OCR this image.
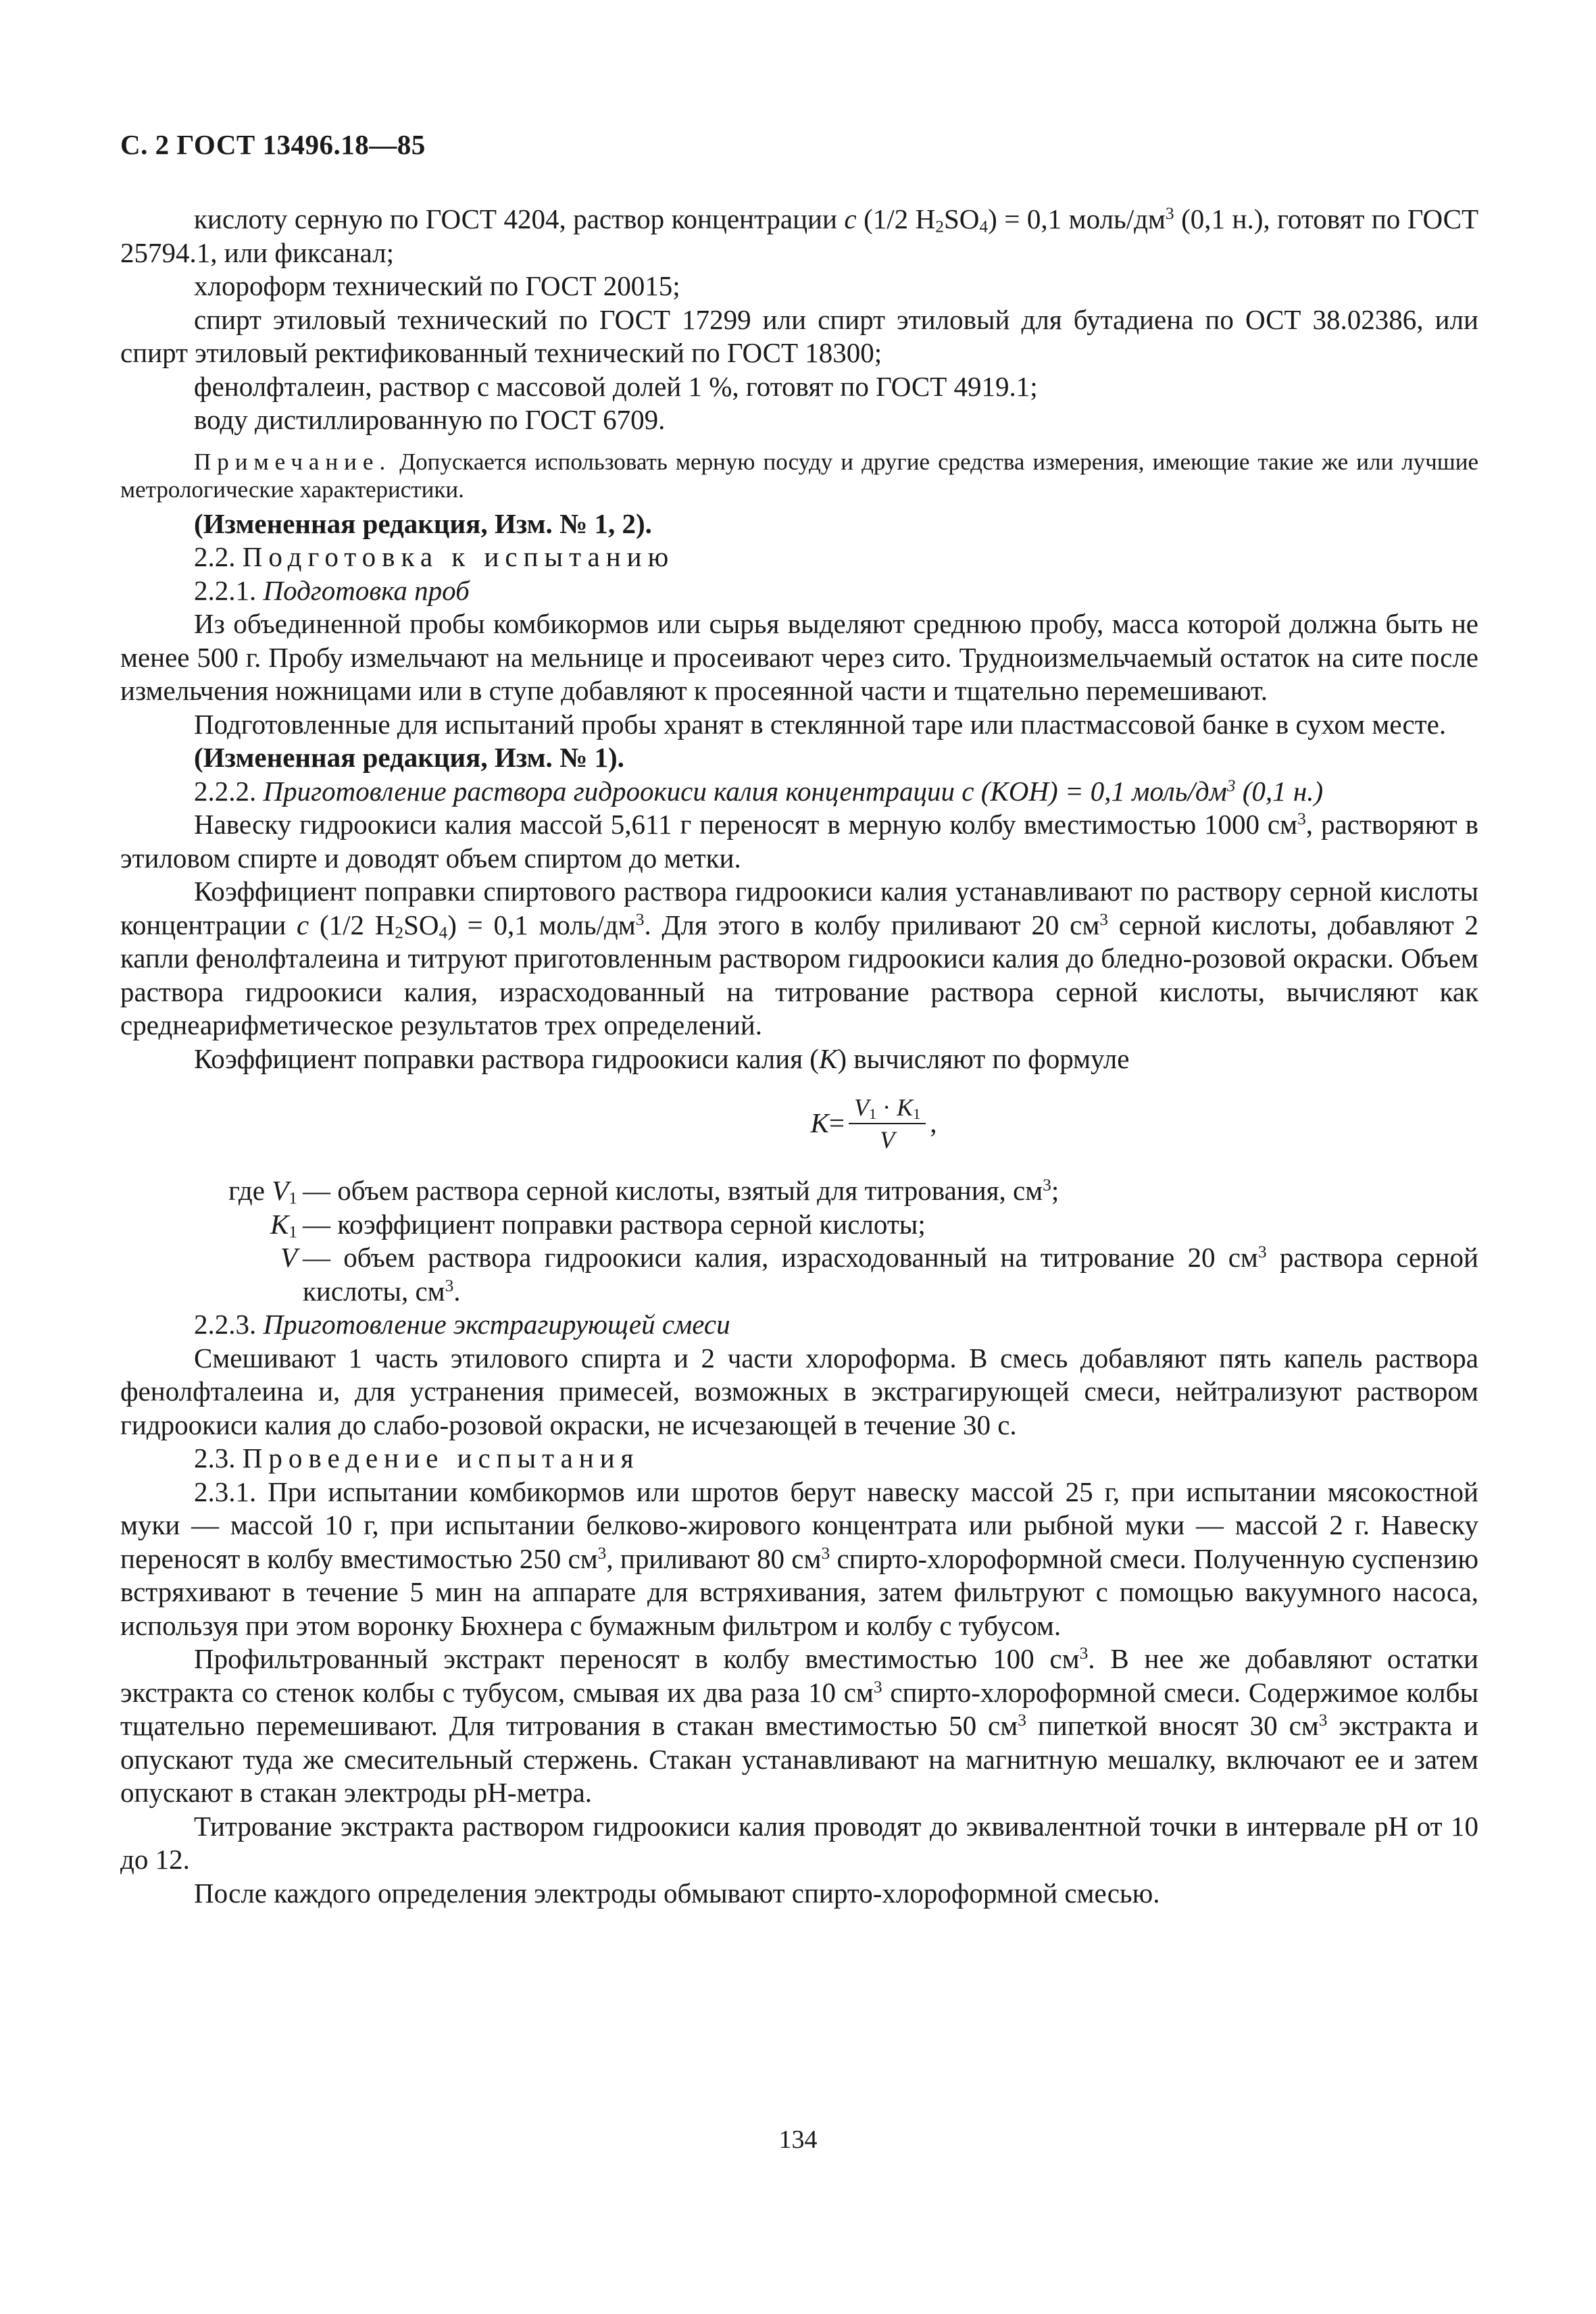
С. 2 ГОСТ 13496.18—85

кислоту серную по ГОСТ 4204, раствор концентрации c (1/2 $H_2SO_4) = 0,1$ моль/$дм^3$ (0,1 н.), готовят по ГОСТ 25794.1, или фиксанал;

хлороформ технический по ГОСТ 20015;

спирт этиловый технический по ГОСТ 17299 или спирт этиловый для бутадиена по ОСТ 38.02386, или спирт этиловый ректификованный технический по ГОСТ 18300;

фенолфталеин, раствор с массовой долей 1 %, готовят по ГОСТ 4919.1;

воду дистиллированную по ГОСТ 6709.

Примечание. Допускается использовать мерную посуду и другие средства измерения, имеющие такие же или лучшие метрологические характеристики.

(Измененная редакция, Изм. № 1, 2).

2.2. Подготовка к испытанию

2.2.1. Подготовка проб

Из объединенной пробы комбикормов или сырья выделяют среднюю пробу, масса которой должна быть не менее 500 г. Пробу измельчают на мельнице и просеивают через сито. Трудноизмельчаемый остаток на сите после измельчения ножницами или в ступе добавляют к просеянной части и тщательно перемешивают.

Подготовленные для испытаний пробы хранят в стеклянной таре или пластмассовой банке в сухом месте.

(Измененная редакция, Изм. № 1).

2.2.2. Приготовление раствора гидроокиси калия концентрации c (KOH) = 0,1 моль/$дм^3$ (0,1 н.)

Навеску гидроокиси калия массой 5,611 г переносят в мерную колбу вместимостью 1000 $см^3$, растворяют в этиловом спирте и доводят объем спиртом до метки.

Коэффициент поправки спиртового раствора гидроокиси калия устанавливают по раствору серной кислоты концентрации c (1/2 $H_2SO_4) = 0,1$ моль/$дм^3$. Для этого в колбу приливают 20 $см^3$ серной кислоты, добавляют 2 капли фенолфталеина и титруют приготовленным раствором гидроокиси калия до бледно-розовой окраски. Объем раствора гидроокиси калия, израсходованный на титрование раствора серной кислоты, вычисляют как среднеарифметическое результатов трех определений.

Коэффициент поправки раствора гидроокиси калия (K) вычисляют по формуле

$K = \frac{V_1 \cdot K_1}{V}$ ,
где $V_1$ — объем раствора серной кислоты, взятый для титрования, $см^3$;
$K_1$ — коэффициент поправки раствора серной кислоты;
V — объем раствора гидроокиси калия, израсходованный на титрование 20 $см^3$ раствора серной кислоты, $см^3$.

2.2.3. Приготовление экстрагирующей смеси

Смешивают 1 часть этилового спирта и 2 части хлороформа. В смесь добавляют пять капель раствора фенолфталеина и, для устранения примесей, возможных в экстрагирующей смеси, нейтрализуют раствором гидроокиси калия до слабо-розовой окраски, не исчезающей в течение 30 с.

2.3. Проведение испытания

2.3.1. При испытании комбикормов или шротов берут навеску массой 25 г, при испытании мясокостной муки — массой 10 г, при испытании белково-жирового концентрата или рыбной муки — массой 2 г. Навеску переносят в колбу вместимостью 250 $см^3$, приливают 80 $см^3$ спирто-хлороформной смеси. Полученную суспензию встряхивают в течение 5 мин на аппарате для встряхивания, затем фильтруют с помощью вакуумного насоса, используя при этом воронку Бюхнера с бумажным фильтром и колбу с тубусом.

Профильтрованный экстракт переносят в колбу вместимостью 100 $см^3$. В нее же добавляют остатки экстракта со стенок колбы с тубусом, смывая их два раза 10 $см^3$ спирто-хлороформной смеси. Содержимое колбы тщательно перемешивают. Для титрования в стакан вместимостью 50 $см^3$ пипеткой вносят 30 $см^3$ экстракта и опускают туда же смесительный стержень. Стакан устанавливают на магнитную мешалку, включают ее и затем опускают в стакан электроды pH-метра.

Титрование экстракта раствором гидроокиси калия проводят до эквивалентной точки в интервале pH от 10 до 12.

После каждого определения электроды обмывают спирто-хлороформной смесью.

134
